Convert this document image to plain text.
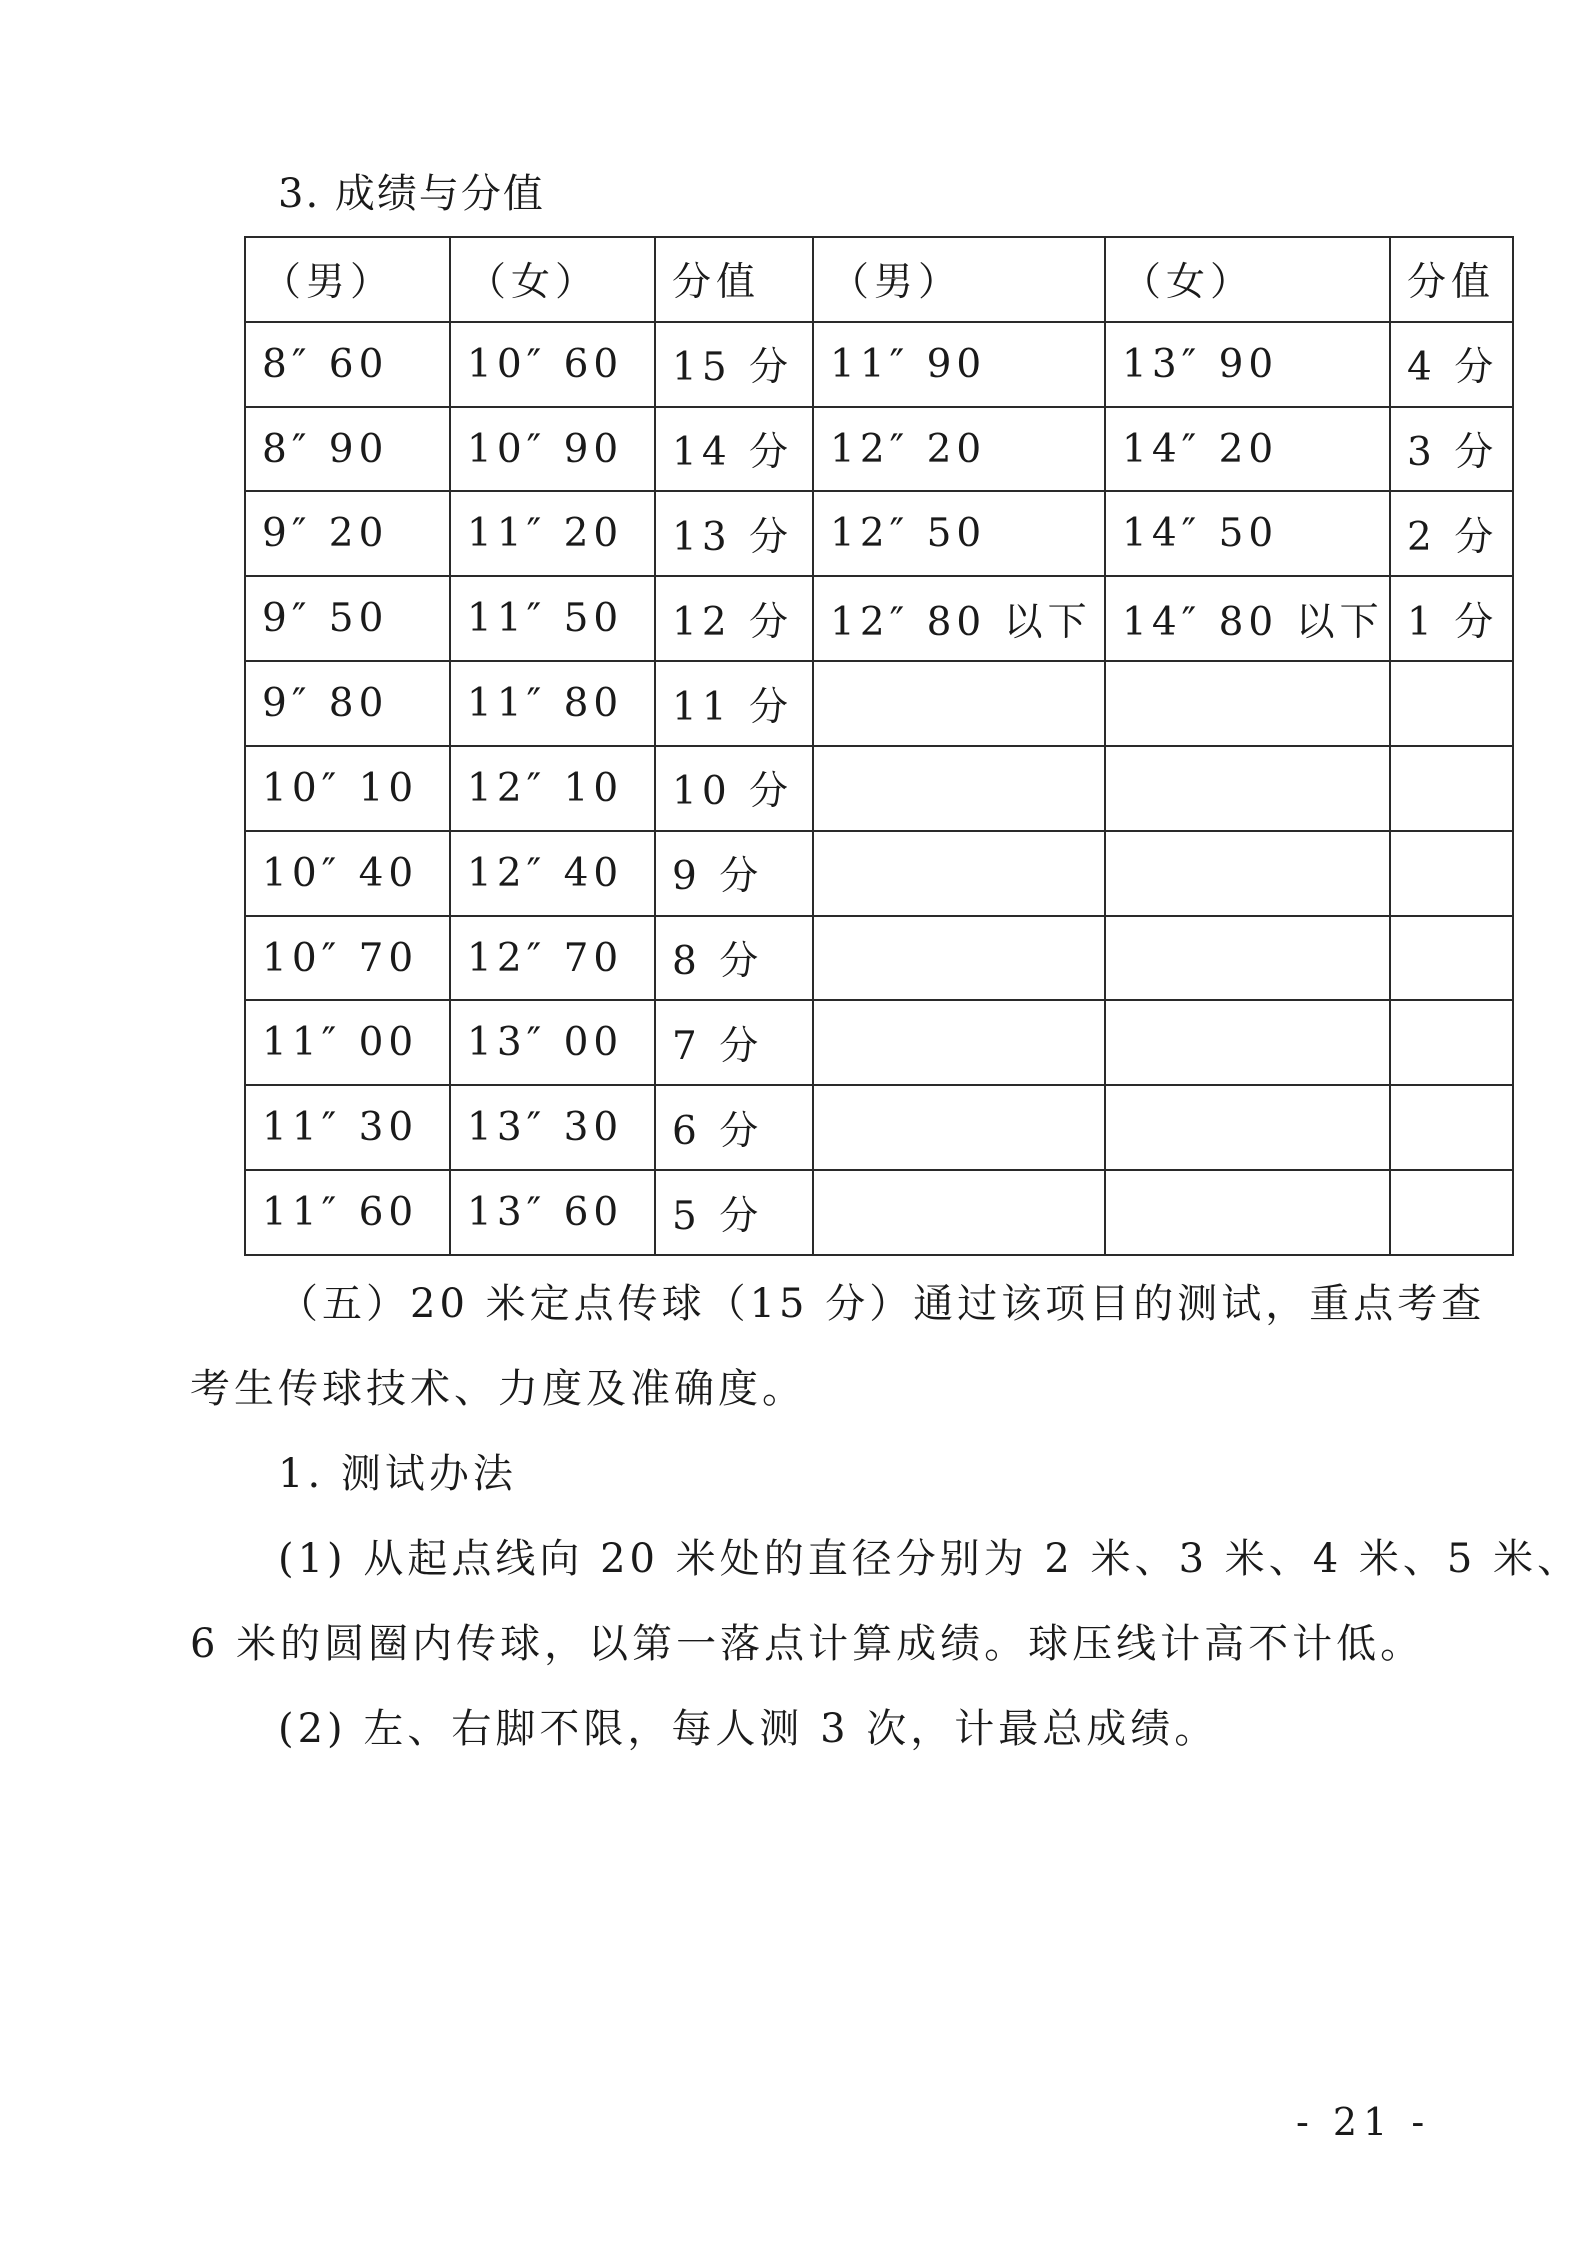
3. 成绩与分值
（男）	（女）	分值	（男）	（女）	分值
8″ 60	10″ 60	15 分	11″ 90	13″ 90	4 分
8″ 90	10″ 90	14 分	12″ 20	14″ 20	3 分
9″ 20	11″ 20	13 分	12″ 50	14″ 50	2 分
9″ 50	11″ 50	12 分	12″ 80 以下	14″ 80 以下	1 分
9″ 80	11″ 80	11 分			
10″ 10	12″ 10	10 分			
10″ 40	12″ 40	9 分			
10″ 70	12″ 70	8 分			
11″ 00	13″ 00	7 分			
11″ 30	13″ 30	6 分			
11″ 60	13″ 60	5 分			
（五）20 米定点传球（15 分）通过该项目的测试，重点考查
考生传球技术、力度及准确度。
1. 测试办法
(1) 从起点线向 20 米处的直径分别为 2 米、3 米、4 米、5 米、
6 米的圆圈内传球，以第一落点计算成绩。球压线计高不计低。
(2) 左、右脚不限，每人测 3 次，计最总成绩。
- 21 -
